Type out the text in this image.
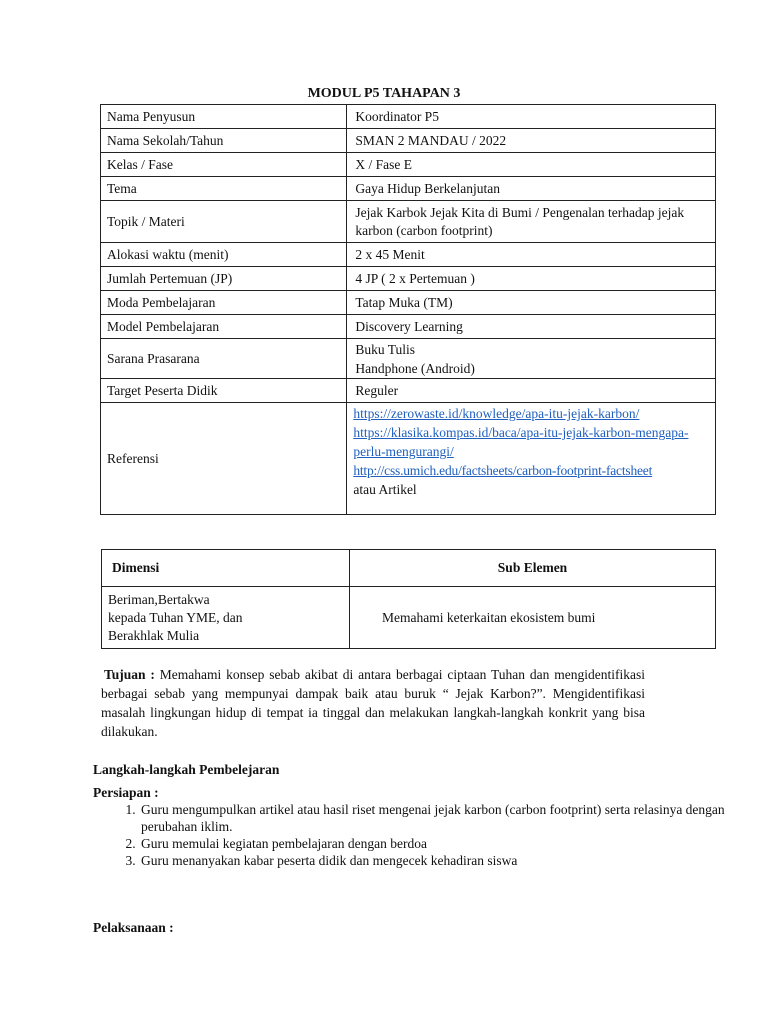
MODUL P5 TAHAPAN 3
Nama Penyusun	Koordinator P5
Nama Sekolah/Tahun	SMAN 2 MANDAU / 2022
Kelas / Fase	X / Fase E
Tema	Gaya Hidup Berkelanjutan
Topik / Materi	Jejak Karbok Jejak Kita di Bumi / Pengenalan terhadap jejak karbon (carbon footprint)
Alokasi waktu (menit)	2 x 45 Menit
Jumlah Pertemuan (JP)	4 JP ( 2 x Pertemuan )
Moda Pembelajaran	Tatap Muka (TM)
Model Pembelajaran	Discovery Learning
Sarana Prasarana	Buku Tulis
Handphone (Android)

Target Peserta Didik	Reguler
Referensi	https://zerowaste.id/knowledge/apa-itu-jejak-karbon/
https://klasika.kompas.id/baca/apa-itu-jejak-karbon-mengapa-perlu-mengurangi/
http://css.umich.edu/factsheets/carbon-footprint-factsheet
atau Artikel
Dimensi	Sub Elemen

Beriman,Bertakwa
kepada Tuhan YME, dan
Berakhlak Mulia	Memahami keterkaitan ekosistem bumi
Tujuan : Memahami konsep sebab akibat di antara berbagai ciptaan Tuhan dan mengidentifikasi berbagai sebab yang mempunyai dampak baik atau buruk “ Jejak Karbon?”. Mengidentifikasi masalah lingkungan hidup di tempat ia tinggal dan melakukan langkah-langkah konkrit yang bisa dilakukan.
Langkah-langkah Pembelejaran
Persiapan :
1. Guru mengumpulkan artikel atau hasil riset mengenai jejak karbon (carbon footprint) serta relasinya dengan perubahan iklim.
2. Guru memulai kegiatan pembelajaran dengan berdoa
3. Guru menanyakan kabar peserta didik dan mengecek kehadiran siswa
Pelaksanaan :
